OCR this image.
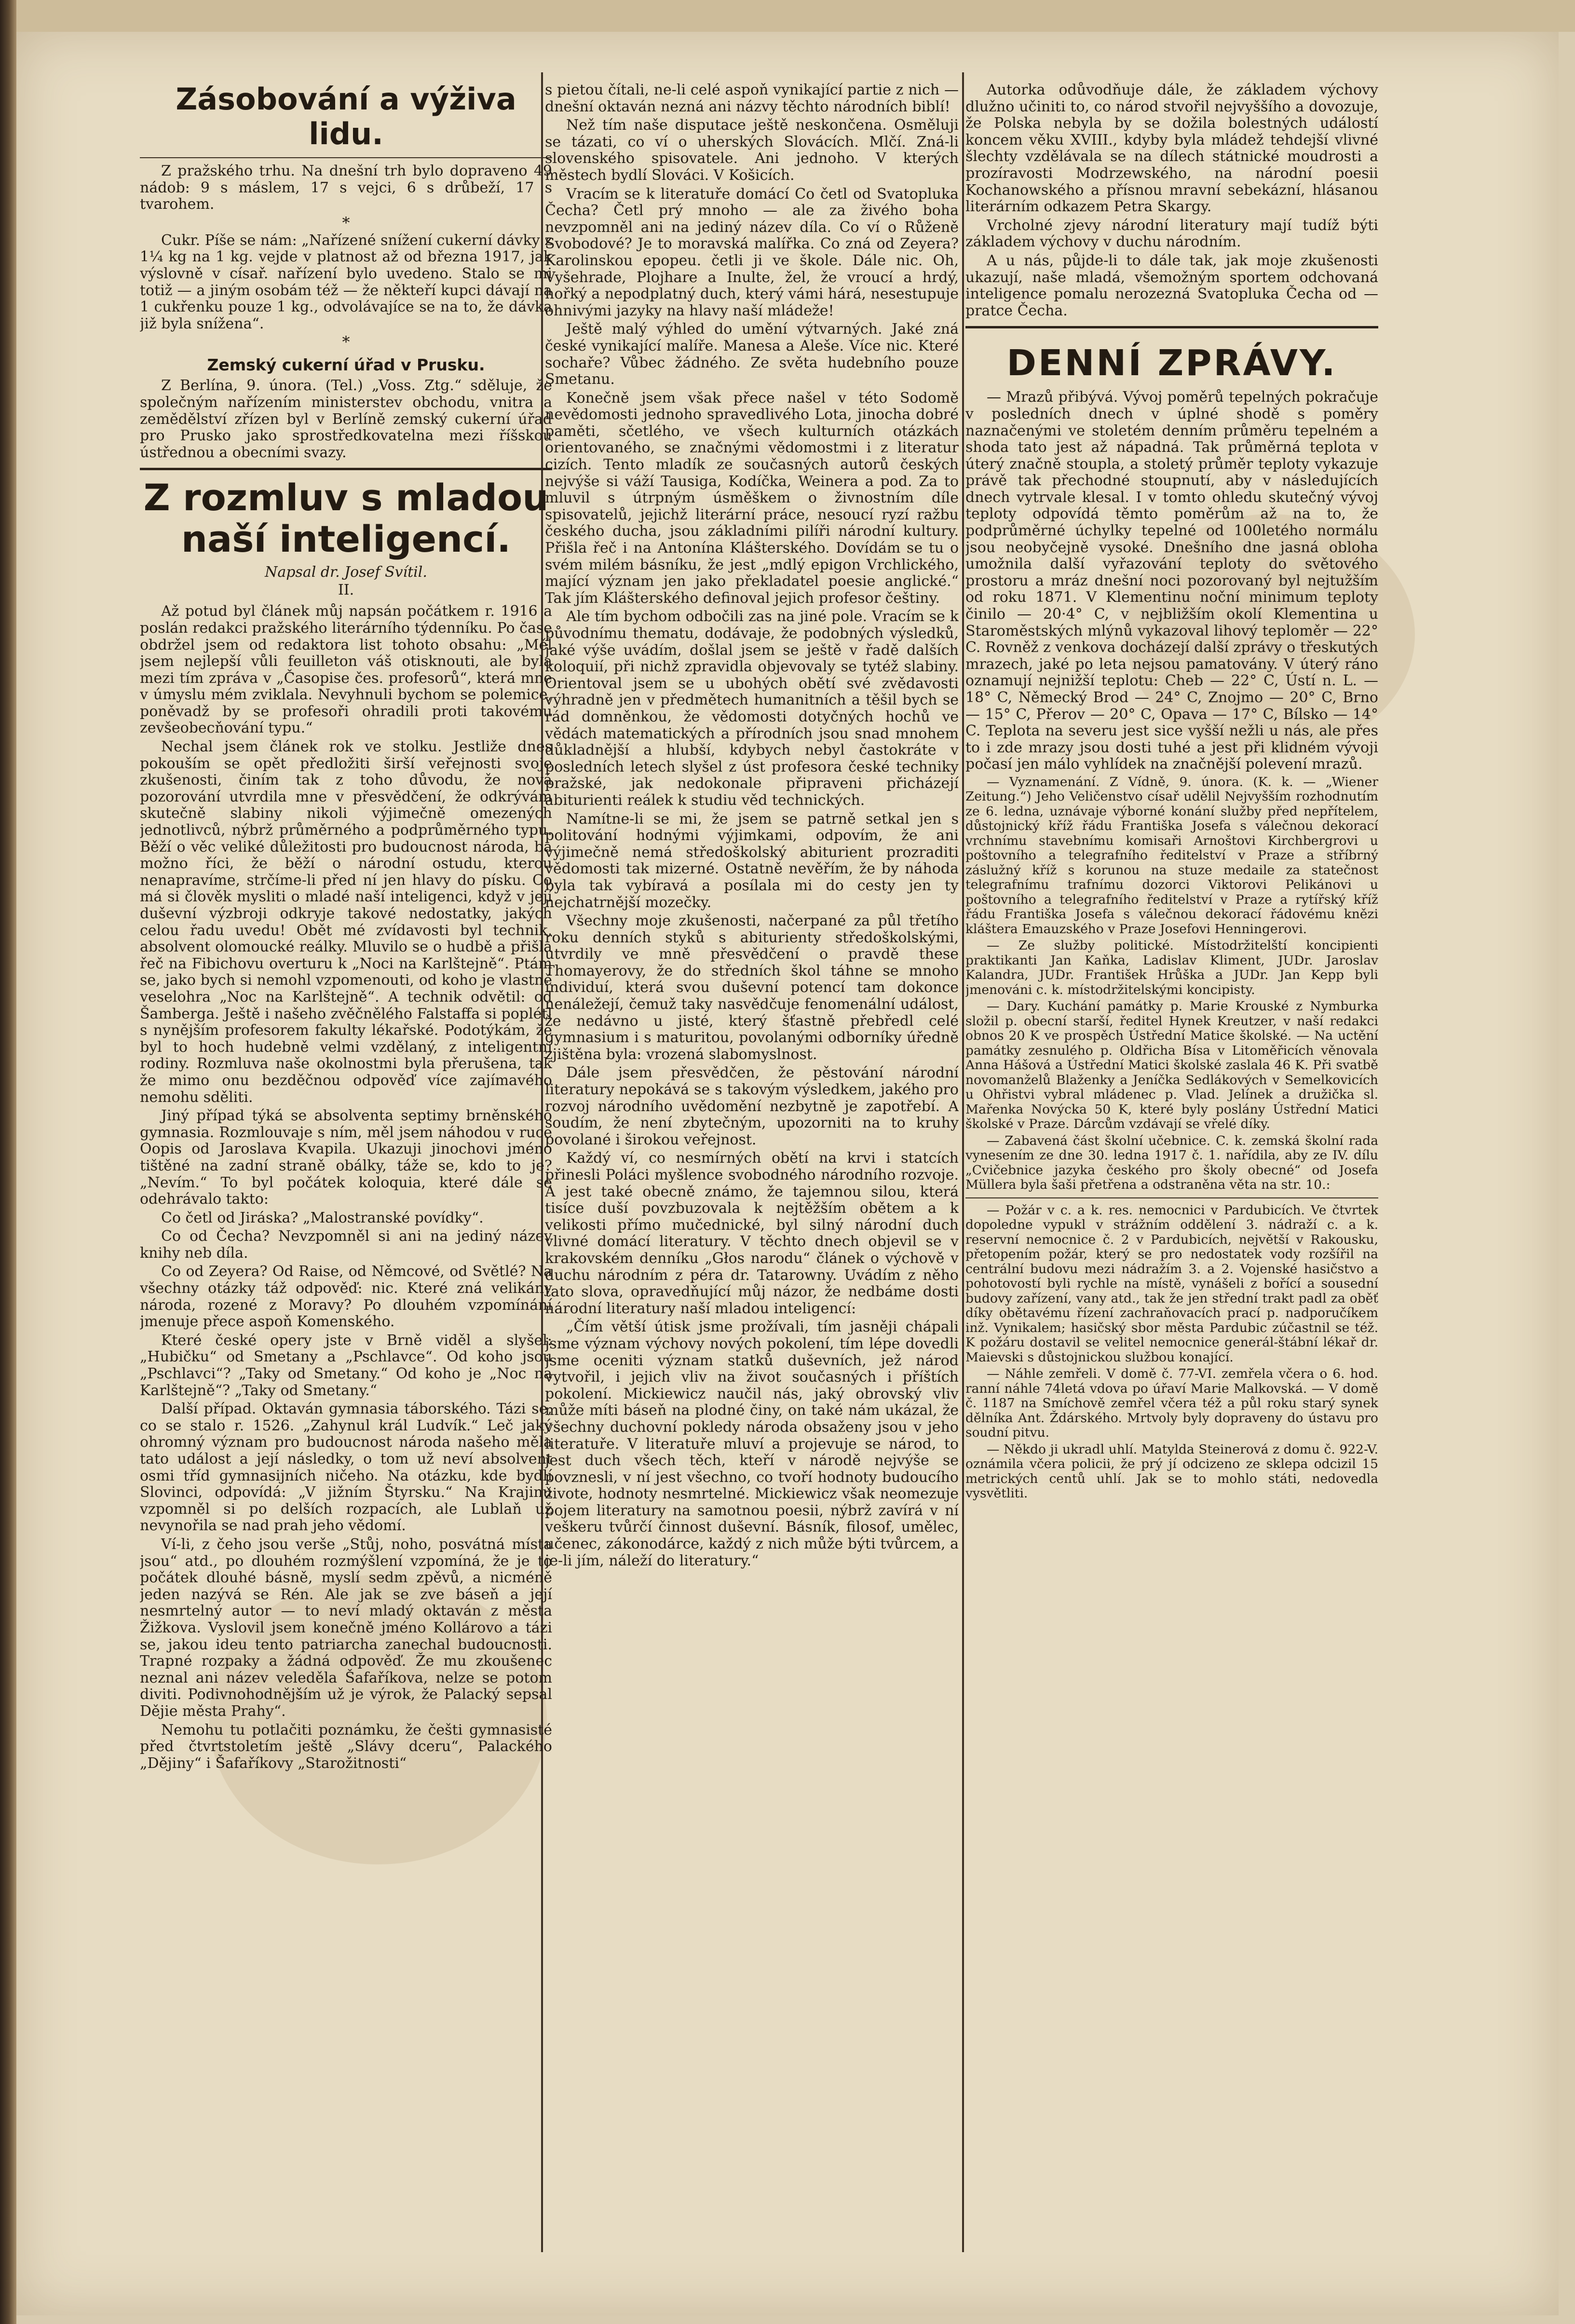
Zásobování a výživa lidu.

Z pražského trhu. Na dnešní trh bylo dopraveno 49 nádob: 9 s máslem, 17 s vejci, 6 s drůbeží, 17 s tvarohem.

*

Cukr. Píše se nám: „Nařízené snížení cukerní dávky z 1¼ kg na 1 kg. vejde v platnost až od března 1917, jak výslovně v císař. nařízení bylo uvedeno. Stalo se mi totiž — a jiným osobám též — že někteří kupci dávají na 1 cukřenku pouze 1 kg., odvolávajíce se na to, že dávka již byla snížena“.

*
Zemský cukerní úřad v Prusku.

Z Berlína, 9. února. (Tel.) „Voss. Ztg.“ sděluje, že společným nařízením ministerstev obchodu, vnitra a zemědělství zřízen byl v Berlíně zemský cukerní úřad pro Prusko jako sprostředkovatelna mezi říšskou ústřednou a obecními svazy.

Z rozmluv s mladou naší inteligencí.
Napsal dr. Josef Svítil.
II.

Až potud byl článek můj napsán počátkem r. 1916 a poslán redakci pražského literárního týdenníku. Po čase obdržel jsem od redaktora list tohoto obsahu: „Měl jsem nejlepší vůli feuilleton váš otisknouti, ale byla mezi tím zpráva v „Časopise čes. profesorů“, která mne v úmyslu mém zviklala. Nevyhnuli bychom se polemice, poněvadž by se profesoři ohradili proti takovému zevšeobecňování typu.“

Nechal jsem článek rok ve stolku. Jestliže dnes pokouším se opět předložiti širší veřejnosti svoje zkušenosti, činím tak z toho důvodu, že nová pozorování utvrdila mne v přesvědčení, že odkrývám skutečně slabiny nikoli výjimečně omezených jednotlivců, nýbrž průměrného a podprůměrného typu. Běží o věc veliké důležitosti pro budoucnost národa, ba možno říci, že běží o národní ostudu, kterou nenapravíme, strčíme-li před ní jen hlavy do písku. Co má si člověk mysliti o mladé naší inteligenci, když v její duševní výzbroji odkryje takové nedostatky, jakých celou řadu uvedu! Obět mé zvídavosti byl technik, absolvent olomoucké reálky. Mluvilo se o hudbě a přišla řeč na Fibichovu overturu k „Noci na Karlštejně“. Ptám se, jako bych si nemohl vzpomenouti, od koho je vlastně veselohra „Noc na Karlštejně“. A technik odvětil: od Šamberga. Ještě i našeho zvěčnělého Falstaffa si poplétl s nynějším profesorem fakulty lékařské. Podotýkám, že byl to hoch hudebně velmi vzdělaný, z inteligentní rodiny. Rozmluva naše okolnostmi byla přerušena, tak že mimo onu bezděčnou odpověď více zajímavého nemohu sděliti.

Jiný případ týká se absolventa septimy brněnského gymnasia. Rozmlouvaje s ním, měl jsem náhodou v ruce Oopis od Jaroslava Kvapila. Ukazuji jinochovi jméno tištěné na zadní straně obálky, táže se, kdo to je? „Nevím.“ To byl počátek koloquia, které dále se odehrávalo takto:

Co četl od Jiráska? „Malostranské povídky“.

Co od Čecha? Nevzpomněl si ani na jediný název knihy neb díla.

Co od Zeyera? Od Raise, od Němcové, od Světlé? Na všechny otázky táž odpověď: nic. Které zná velikány národa, rozené z Moravy? Po dlouhém vzpomínání jmenuje přece aspoň Komenského.

Které české opery jste v Brně viděl a slyšel: „Hubičku“ od Smetany a „Pschlavce“. Od koho jsou „Pschlavci“? „Taky od Smetany.“ Od koho je „Noc na Karlštejně“? „Taky od Smetany.“

Další případ. Oktaván gymnasia táborského. Tázi se, co se stalo r. 1526. „Zahynul král Ludvík.“ Leč jaký ohromný význam pro budoucnost národa našeho měla tato událost a její následky, o tom už neví absolvent osmi tříd gymnasijních ničeho. Na otázku, kde bydlí Slovinci, odpovídá: „V jižním Štyrsku.“ Na Krajinu vzpomněl si po delších rozpacích, ale Lublaň už nevynořila se nad prah jeho vědomí.

Ví-li, z čeho jsou verše „Stůj, noho, posvátná místa jsou“ atd., po dlouhém rozmýšlení vzpomíná, že je to počátek dlouhé básně, myslí sedm zpěvů, a nicméně jeden nazývá se Rén. Ale jak se zve báseň a její nesmrtelný autor — to neví mladý oktaván z města Žižkova. Vyslovil jsem konečně jméno Kollárovo a tázi se, jakou ideu tento patriarcha zanechal budoucnosti. Trapné rozpaky a žádná odpověď. Že mu zkoušenec neznal ani název veleděla Šafaříkova, nelze se potom diviti. Podivnohodnějším už je výrok, že Palacký sepsal Dějie města Prahy“.

Nemohu tu potlačiti poznámku, že češti gymnasisté před čtvrtstoletím ještě „Slávy dceru“, Palackého „Dějiny“ i Šafaříkovy „Starožitnosti“

s pietou čítali, ne-li celé aspoň vynikající partie z nich — dnešní oktaván nezná ani názvy těchto národních biblí!

Než tím naše disputace ještě neskončena. Osměluji se tázati, co ví o uherských Slovácích. Mlčí. Zná-li slovenského spisovatele. Ani jednoho. V kterých městech bydlí Slováci. V Košicích.

Vracím se k literatuře domácí Co četl od Svatopluka Čecha? Četl prý mnoho — ale za živého boha nevzpomněl ani na jediný název díla. Co ví o Růženě Svobodové? Je to moravská malířka. Co zná od Zeyera? Karolinskou epopeu. četli ji ve škole. Dále nic. Oh, Vyšehrade, Plojhare a Inulte, žel, že vroucí a hrdý, hořký a nepodplatný duch, který vámi hárá, nesestupuje ohnivými jazyky na hlavy naší mládeže!

Ještě malý výhled do umění výtvarných. Jaké zná české vynikající malíře. Manesa a Aleše. Více nic. Které sochaře? Vůbec žádného. Ze světa hudebního pouze Smetanu.

Konečně jsem však přece našel v této Sodomě nevědomosti jednoho spravedlivého Lota, jinocha dobré paměti, sčetlého, ve všech kulturních otázkách orientovaného, se značnými vědomostmi i z literatur cizích. Tento mladík ze současných autorů českých nejvýše si váží Tausiga, Kodíčka, Weinera a pod. Za to mluvil s útrpným úsměškem o živnostním díle spisovatelů, jejichž literární práce, nesoucí ryzí ražbu českého ducha, jsou základními pilíři národní kultury. Přišla řeč i na Antonína Klášterského. Dovídám se tu o svém milém básníku, že jest „mdlý epigon Vrchlického, mající význam jen jako překladatel poesie anglické.“ Tak jím Klášterského definoval jejich profesor češtiny.

Ale tím bychom odbočili zas na jiné pole. Vracím se k původnímu thematu, dodávaje, že podobných výsledků, jaké výše uvádím, došlal jsem se ještě v řadě dalších koloquií, při nichž zpravidla objevovaly se tytéž slabiny. Orientoval jsem se u ubohých obětí své zvědavosti výhradně jen v předmětech humanitních a těšil bych se rád domněnkou, že vědomosti dotyčných hochů ve vědách matematických a přírodních jsou snad mnohem důkladnější a hlubší, kdybych nebyl častokráte v posledních letech slyšel z úst profesora české techniky pražské, jak nedokonale připraveni přicházejí abiturienti reálek k studiu věd technických.

Namítne-li se mi, že jsem se patrně setkal jen s politování hodnými výjimkami, odpovím, že ani výjimečně nemá středoškolský abiturient prozraditi vědomosti tak mizerné. Ostatně nevěřím, že by náhoda byla tak vybíravá a posílala mi do cesty jen ty nejchatrnější mozečky.

Všechny moje zkušenosti, načerpané za půl třetího roku denních styků s abiturienty středoškolskými, utvrdily ve mně přesvědčení o pravdě these Thomayerovy, že do středních škol táhne se mnoho individuí, která svou duševní potencí tam dokonce nenáležejí, čemuž taky nasvědčuje fenomenální událost, že nedávno u jisté, který šťastně přebředl celé gymnasium i s maturitou, povolanými odborníky úředně zjištěna byla: vrozená slabomyslnost.

Dále jsem přesvědčen, že pěstování národní literatury nepokává se s takovým výsledkem, jakého pro rozvoj národního uvědomění nezbytně je zapotřebí. A soudím, že není zbytečným, upozorniti na to kruhy povolané i širokou veřejnost.

Každý ví, co nesmírných obětí na krvi i statcích přinesli Poláci myšlence svobodného národního rozvoje. A jest také obecně známo, že tajemnou silou, která tisíce duší povzbuzovala k nejtěžším obětem a k velikosti přímo mučednické, byl silný národní duch vlivné domácí literatury. V těchto dnech objevil se v krakovském denníku „Głos narodu“ článek o výchově v duchu národním z péra dr. Tatarowny. Uvádím z něho tato slova, opravedňující můj názor, že nedbáme dosti národní literatury naší mladou inteligencí:

„Čím větší útisk jsme prožívali, tím jasněji chápali jsme význam výchovy nových pokolení, tím lépe dovedli jsme oceniti význam statků duševních, jež národ vytvořil, i jejich vliv na život současných i příštích pokolení. Mickiewicz naučil nás, jaký obrovský vliv může míti báseň na plodné činy, on také nám ukázal, že všechny duchovní pokledy národa obsaženy jsou v jeho literatuře. V literatuře mluví a projevuje se národ, to jest duch všech těch, kteří v národě nejvýše se povznesli, v ní jest všechno, co tvoří hodnoty budoucího živote, hodnoty nesmrtelné. Mickiewicz však neomezuje pojem literatury na samotnou poesii, nýbrž zavírá v ní veškeru tvůrčí činnost duševní. Básník, filosof, umělec, učenec, zákonodárce, každý z nich může býti tvůrcem, a je-li jím, náleží do literatury.“

Autorka odůvodňuje dále, že základem výchovy dlužno učiniti to, co národ stvořil nejvyššího a dovozuje, že Polska nebyla by se dožila bolestných událostí koncem věku XVIII., kdyby byla mládež tehdejší vlivné šlechty vzdělávala se na dílech státnické moudrosti a prozíravosti Modrzewského, na národní poesii Kochanowského a přísnou mravní sebekázní, hlásanou literárním odkazem Petra Skargy.

Vrcholné zjevy národní literatury mají tudíž býti základem výchovy v duchu národním.

A u nás, půjde-li to dále tak, jak moje zkušenosti ukazují, naše mladá, všemožným sportem odchovaná inteligence pomalu nerozezná Svatopluka Čecha od — pratce Čecha.

DENNÍ ZPRÁVY.

— Mrazů přibývá. Vývoj poměrů tepelných pokračuje v posledních dnech v úplné shodě s poměry naznačenými ve stoletém denním průměru tepelném a shoda tato jest až nápadná. Tak průměrná teplota v úterý značně stoupla, a stoletý průměr teploty vykazuje právě tak přechodné stoupnutí, aby v následujících dnech vytrvale klesal. I v tomto ohledu skutečný vývoj teploty odpovídá těmto poměrům až na to, že podprůměrné úchylky tepelné od 100letého normálu jsou neobyčejně vysoké. Dnešního dne jasná obloha umožnila další vyřazování teploty do světového prostoru a mráz dnešní noci pozorovaný byl nejtužším od roku 1871. V Klementinu noční minimum teploty činilo — 20·4° C, v nejbližším okolí Klementina u Staroměstských mlýnů vykazoval lihový teploměr — 22° C. Rovněž z venkova docházejí další zprávy o třeskutých mrazech, jaké po leta nejsou pamatovány. V úterý ráno oznamují nejnižší teplotu: Cheb — 22° C, Ústí n. L. — 18° C, Německý Brod — 24° C, Znojmo — 20° C, Brno — 15° C, Přerov — 20° C, Opava — 17° C, Bílsko — 14° C. Teplota na severu jest sice vyšší nežli u nás, ale přes to i zde mrazy jsou dosti tuhé a jest při klidném vývoji počasí jen málo vyhlídek na značnější polevení mrazů.

— Vyznamenání. Z Vídně, 9. února. (K. k. — „Wiener Zeitung.“) Jeho Veličenstvo císař udělil Nejvyšším rozhodnutím ze 6. ledna, uznávaje výborné konání služby před nepřítelem, důstojnický kříž řádu Františka Josefa s válečnou dekorací vrchnímu stavebnímu komisaři Arnoštovi Kirchbergrovi u poštovního a telegrafního ředitelství v Praze a stříbrný záslužný kříž s korunou na stuze medaile za statečnost telegrafnímu trafnímu dozorci Viktorovi Pelikánovi u poštovního a telegrafního ředitelství v Praze a rytířský kříž řádu Františka Josefa s válečnou dekorací řádovému knězi kláštera Emauzského v Praze Josefovi Henningerovi.

— Ze služby politické. Místodržitelští koncipienti praktikanti Jan Kaňka, Ladislav Kliment, JUDr. Jaroslav Kalandra, JUDr. František Hrůška a JUDr. Jan Kepp byli jmenováni c. k. místodržitelskými koncipisty.

— Dary. Kuchání památky p. Marie Krouské z Nymburka složil p. obecní starší, ředitel Hynek Kreutzer, v naší redakci obnos 20 K ve prospěch Ústřední Matice školské. — Na uctění památky zesnulého p. Oldřicha Bísa v Litoměřicích věnovala Anna Hášová a Ústřední Matici školské zaslala 46 K. Při svatbě novomanželů Blaženky a Jeníčka Sedlákových v Semelkovicích u Ohřistvi vybral mládenec p. Vlad. Jelínek a družička sl. Mařenka Novýcka 50 K, které byly poslány Ústřední Matici školské v Praze. Dárcům vzdávají se vřelé díky.

— Zabavená část školní učebnice. C. k. zemská školní rada vynesením ze dne 30. ledna 1917 č. 1. nařídila, aby ze IV. dílu „Cvičebnice jazyka českého pro školy obecné“ od Josefa Müllera byla šaši přetřena a odstraněna věta na str. 10.:

— Požár v c. a k. res. nemocnici v Pardubicích. Ve čtvrtek dopoledne vypukl v strážním oddělení 3. nádraží c. a k. reservní nemocnice č. 2 v Pardubicích, největší v Rakousku, přetopením požár, který se pro nedostatek vody rozšířil na centrální budovu mezi nádražím 3. a 2. Vojenské hasičstvo a pohotovostí byli rychle na místě, vynášeli z bořící a sousední budovy zařízení, vany atd., tak že jen střední trakt padl za oběť díky obětavému řízení zachraňovacích prací p. nadporučíkem inž. Vynikalem; hasičský sbor města Pardubic zúčastnil se též. K požáru dostavil se velitel nemocnice generál-štábní lékař dr. Maievski s důstojnickou službou konající.

— Náhle zemřeli. V domě č. 77-VI. zemřela včera o 6. hod. ranní náhle 74letá vdova po úřaví Marie Malkovská. — V domě č. 1187 na Smíchově zemřel včera též a půl roku starý synek dělníka Ant. Ždárského. Mrtvoly byly dopraveny do ústavu pro soudní pitvu.

— Někdo ji ukradl uhlí. Matylda Steinerová z domu č. 922-V. oznámila včera policii, že prý jí odcizeno ze sklepa odcizil 15 metrických centů uhlí. Jak se to mohlo státi, nedovedla vysvětliti.
